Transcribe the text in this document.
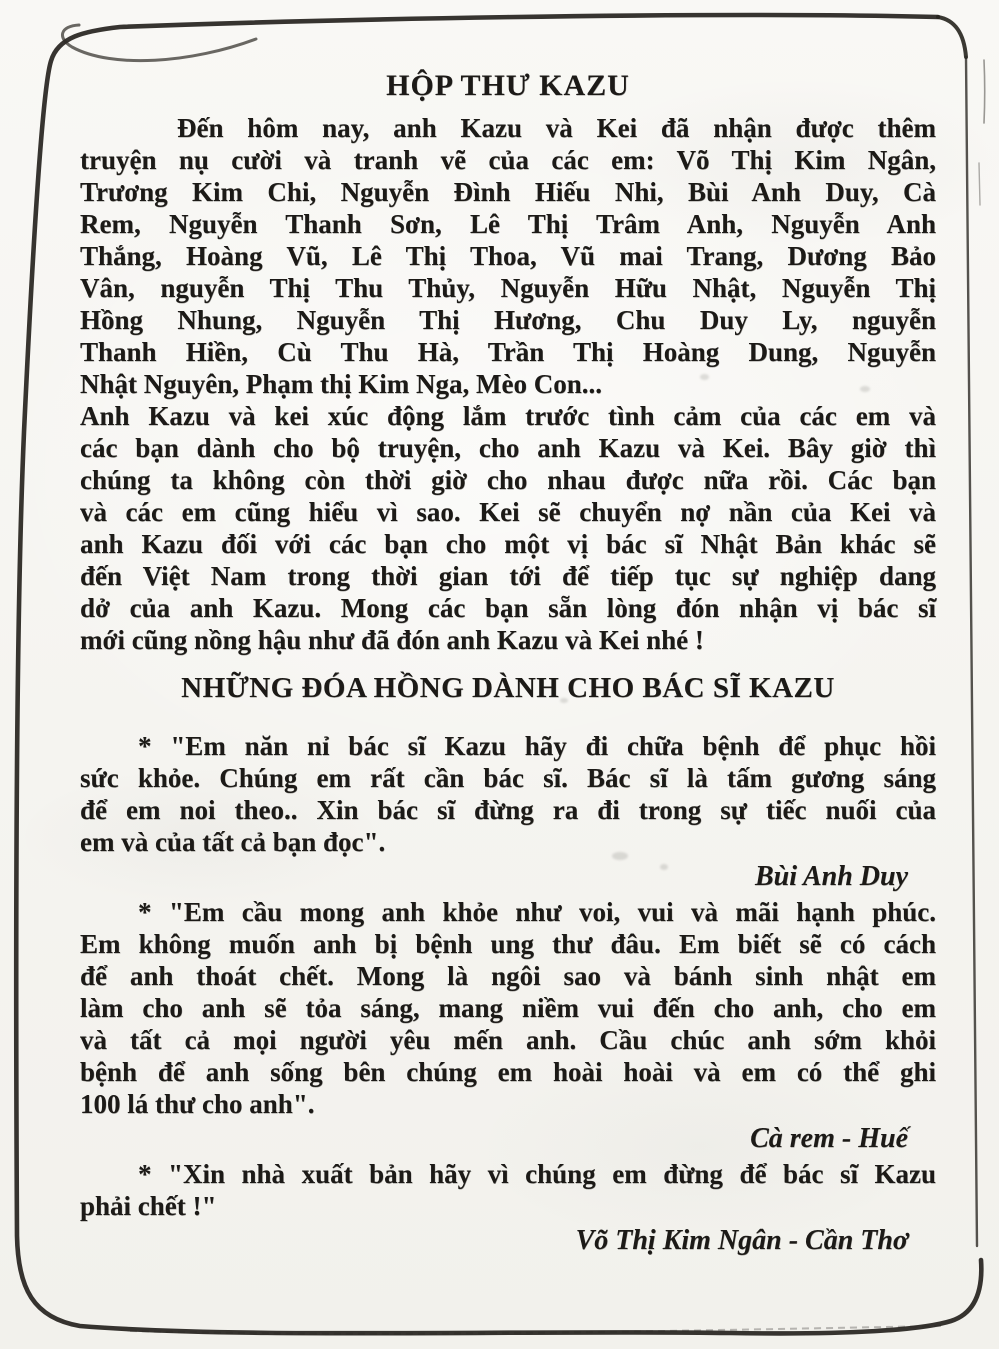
HỘP THƯ KAZU
Đến hôm nay, anh Kazu và Kei đã nhận được thêm
truyện nụ cười và tranh vẽ của các em: Võ Thị Kim Ngân,
Trương Kim Chi, Nguyễn Đình Hiếu Nhi, Bùi Anh Duy, Cà
Rem, Nguyễn Thanh Sơn, Lê Thị Trâm Anh, Nguyễn Anh
Thắng, Hoàng Vũ, Lê Thị Thoa, Vũ mai Trang, Dương Bảo
Vân, nguyễn Thị Thu Thủy, Nguyễn Hữu Nhật, Nguyễn Thị
Hồng Nhung, Nguyễn Thị Hương, Chu Duy Ly, nguyễn
Thanh Hiền, Cù Thu Hà, Trần Thị Hoàng Dung, Nguyễn
Nhật Nguyên, Phạm thị Kim Nga, Mèo Con...
Anh Kazu và kei xúc động lắm trước tình cảm của các em và
các bạn dành cho bộ truyện, cho anh Kazu và Kei. Bây giờ thì
chúng ta không còn thời giờ cho nhau được nữa rồi. Các bạn
và các em cũng hiểu vì sao. Kei sẽ chuyển nợ nần của Kei và
anh Kazu đối với các bạn cho một vị bác sĩ Nhật Bản khác sẽ
đến Việt Nam trong thời gian tới để tiếp tục sự nghiệp dang
dở của anh Kazu. Mong các bạn sẵn lòng đón nhận vị bác sĩ
mới cũng nồng hậu như đã đón anh Kazu và Kei nhé !
NHỮNG ĐÓA HỒNG DÀNH CHO BÁC SĨ KAZU
* "Em năn nỉ bác sĩ Kazu hãy đi chữa bệnh để phục hồi
sức khỏe. Chúng em rất cần bác sĩ. Bác sĩ là tấm gương sáng
để em noi theo.. Xin bác sĩ đừng ra đi trong sự tiếc nuối của
em và của tất cả bạn đọc".
Bùi Anh Duy
* "Em cầu mong anh khỏe như voi, vui và mãi hạnh phúc.
Em không muốn anh bị bệnh ung thư đâu. Em biết sẽ có cách
để anh thoát chết. Mong là ngôi sao và bánh sinh nhật em
làm cho anh sẽ tỏa sáng, mang niềm vui đến cho anh, cho em
và tất cả mọi người yêu mến anh. Cầu chúc anh sớm khỏi
bệnh để anh sống bên chúng em hoài hoài và em có thể ghi
100 lá thư cho anh".
Cà rem - Huế
* "Xin nhà xuất bản hãy vì chúng em đừng để bác sĩ Kazu
phải chết !"
Võ Thị Kim Ngân - Cần Thơ
